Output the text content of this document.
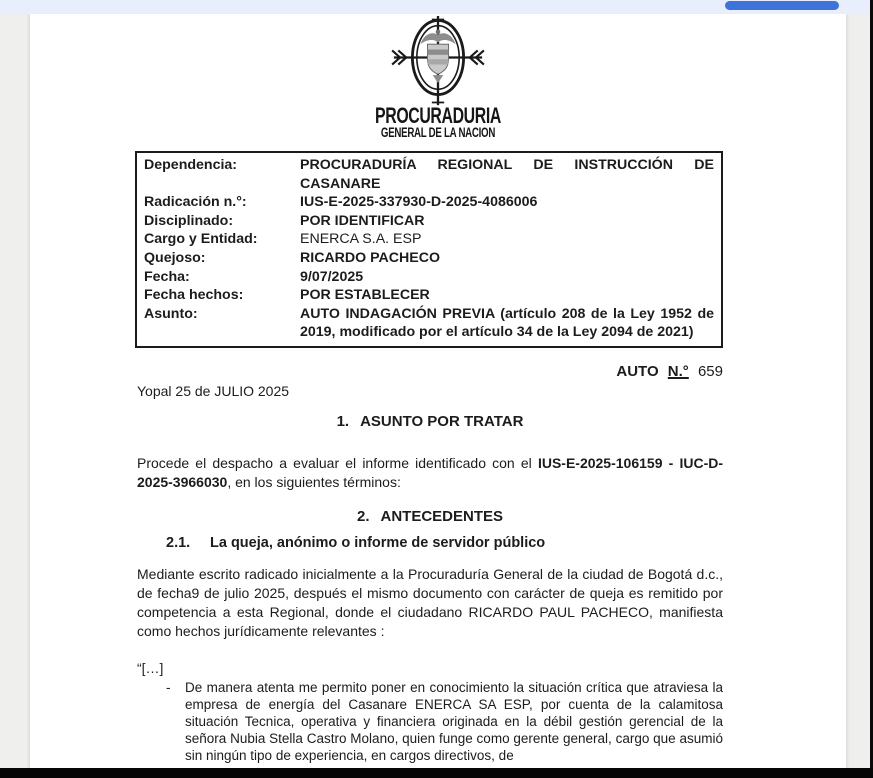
PROCURADURIA
GENERAL DE LA NACION
Dependencia:	PROCURADURÍA REGIONAL DE INSTRUCCIÓN DE CASANARE
Radicación n.°:	IUS-E-2025-337930-D-2025-4086006
Disciplinado:	POR IDENTIFICAR
Cargo y Entidad:	ENERCA S.A. ESP
Quejoso:	RICARDO PACHECO
Fecha:	9/07/2025
Fecha hechos:	POR ESTABLECER
Asunto:	AUTO INDAGACIÓN PREVIA (artículo 208 de la Ley 1952 de 2019, modificado por el artículo 34 de la Ley 2094 de 2021)
AUTO N.° 659
Yopal 25 de JULIO 2025
1. ASUNTO POR TRATAR
Procede el despacho a evaluar el informe identificado con el IUS-E-2025-106159 - IUC-D-2025-3966030, en los siguientes términos:
2. ANTECEDENTES
2.1.	La queja, anónimo o informe de servidor público
Mediante escrito radicado inicialmente a la Procuraduría General de la ciudad de Bogotá d.c., de fecha9 de julio 2025, después el mismo documento con carácter de queja es remitido por competencia a esta Regional, donde el ciudadano RICARDO PAUL PACHECO, manifiesta como hechos jurídicamente relevantes :
“[…]
-	De manera atenta me permito poner en conocimiento la situación crítica que atraviesa la empresa de energía del Casanare ENERCA SA ESP, por cuenta de la calamitosa situación Tecnica, operativa y financiera originada en la débil gestión gerencial de la señora Nubia Stella Castro Molano, quien funge como gerente general, cargo que asumió sin ningún tipo de experiencia, en cargos directivos, de
